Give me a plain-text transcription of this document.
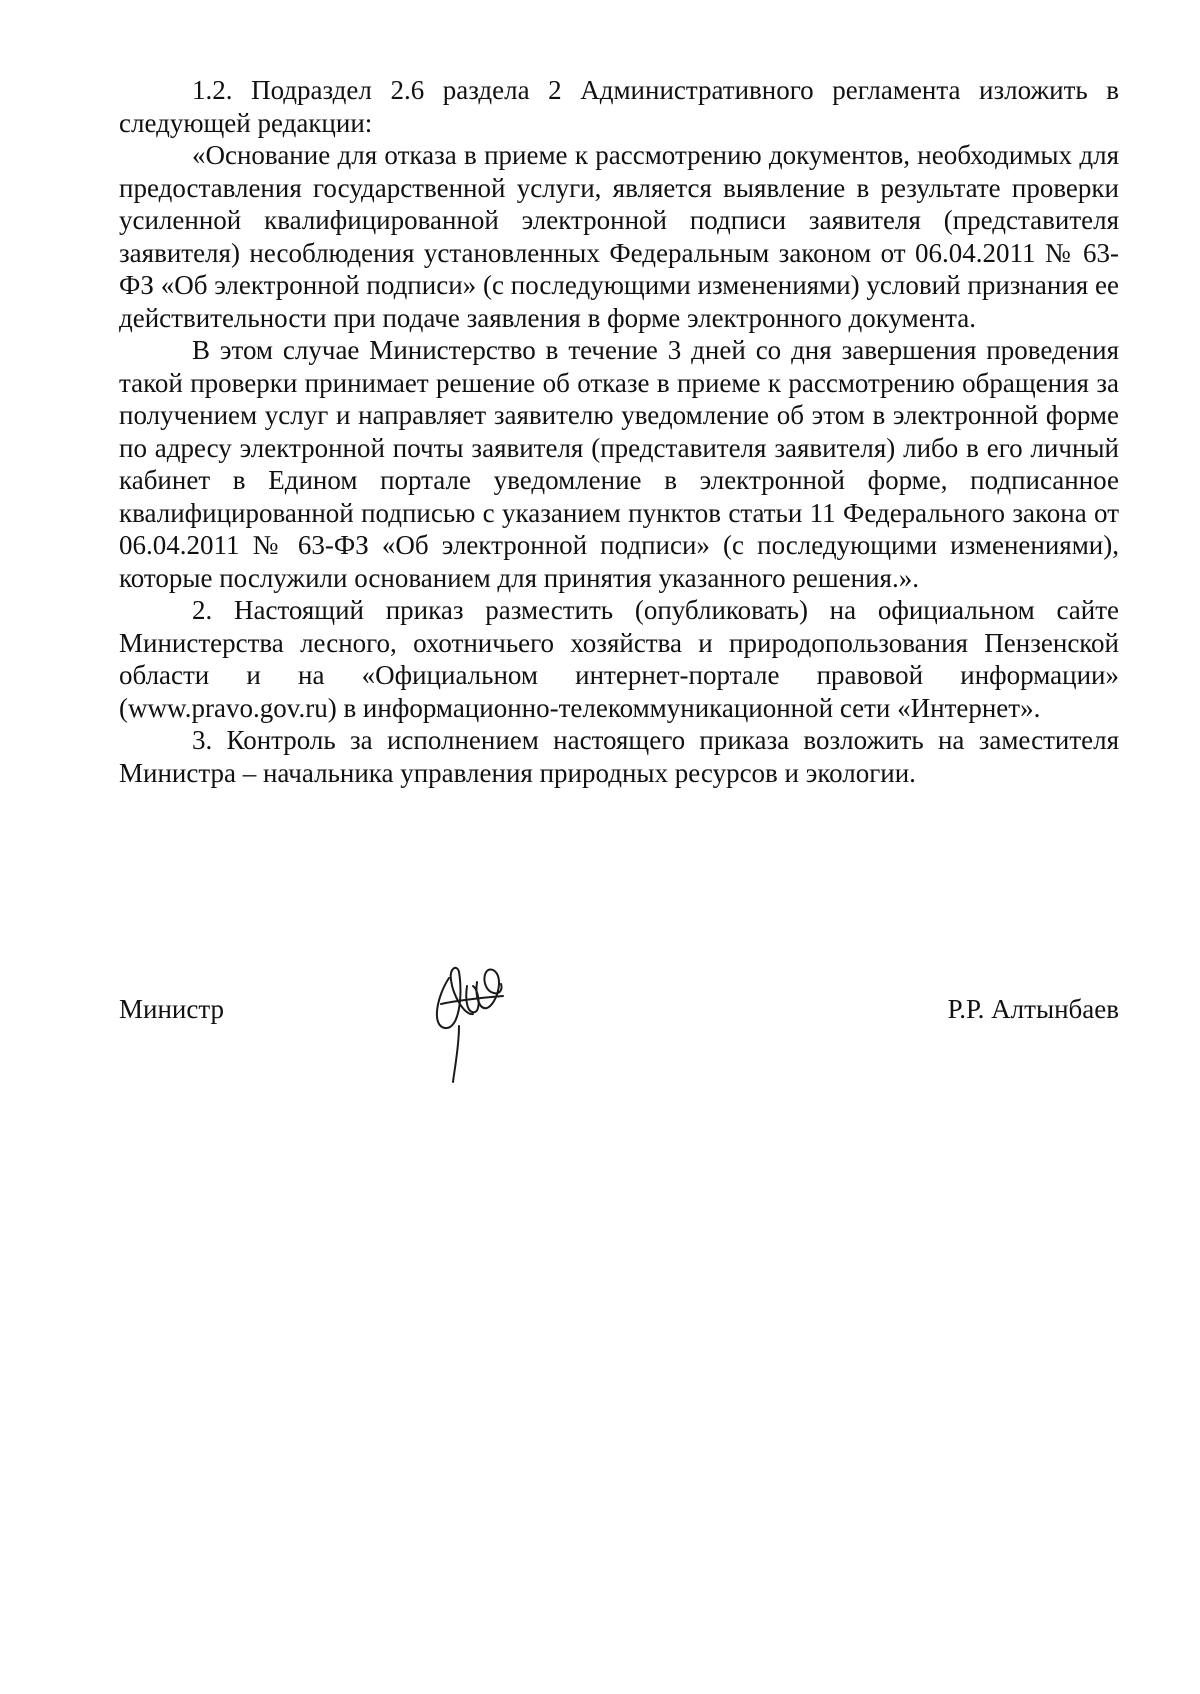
1.2. Подраздел 2.6 раздела 2 Административного регламента изложить в следующей редакции:

«Основание для отказа в приеме к рассмотрению документов, необходимых для предоставления государственной услуги, является выявление в результате проверки усиленной квалифицированной электронной подписи заявителя (представителя заявителя) несоблюдения установленных Федеральным законом от 06.04.2011 № 63-ФЗ «Об электронной подписи» (с последующими изменениями) условий признания ее действительности при подаче заявления в форме электронного документа.

В этом случае Министерство в течение 3 дней со дня завершения проведения такой проверки принимает решение об отказе в приеме к рассмотрению обращения за получением услуг и направляет заявителю уведомление об этом в электронной форме по адресу электронной почты заявителя (представителя заявителя) либо в его личный кабинет в Едином портале уведомление в электронной форме, подписанное квалифицированной подписью с указанием пунктов статьи 11 Федерального закона от 06.04.2011 № 63-ФЗ «Об электронной подписи» (с последующими изменениями), которые послужили основанием для принятия указанного решения.».

2. Настоящий приказ разместить (опубликовать) на официальном сайте Министерства лесного, охотничьего хозяйства и природопользования Пензенской области и на «Официальном интернет-портале правовой информации» (www.pravo.gov.ru) в информационно-телекоммуникационной сети «Интернет».

3. Контроль за исполнением настоящего приказа возложить на заместителя Министра – начальника управления природных ресурсов и экологии.

Министр	Р.Р. Алтынбаев
